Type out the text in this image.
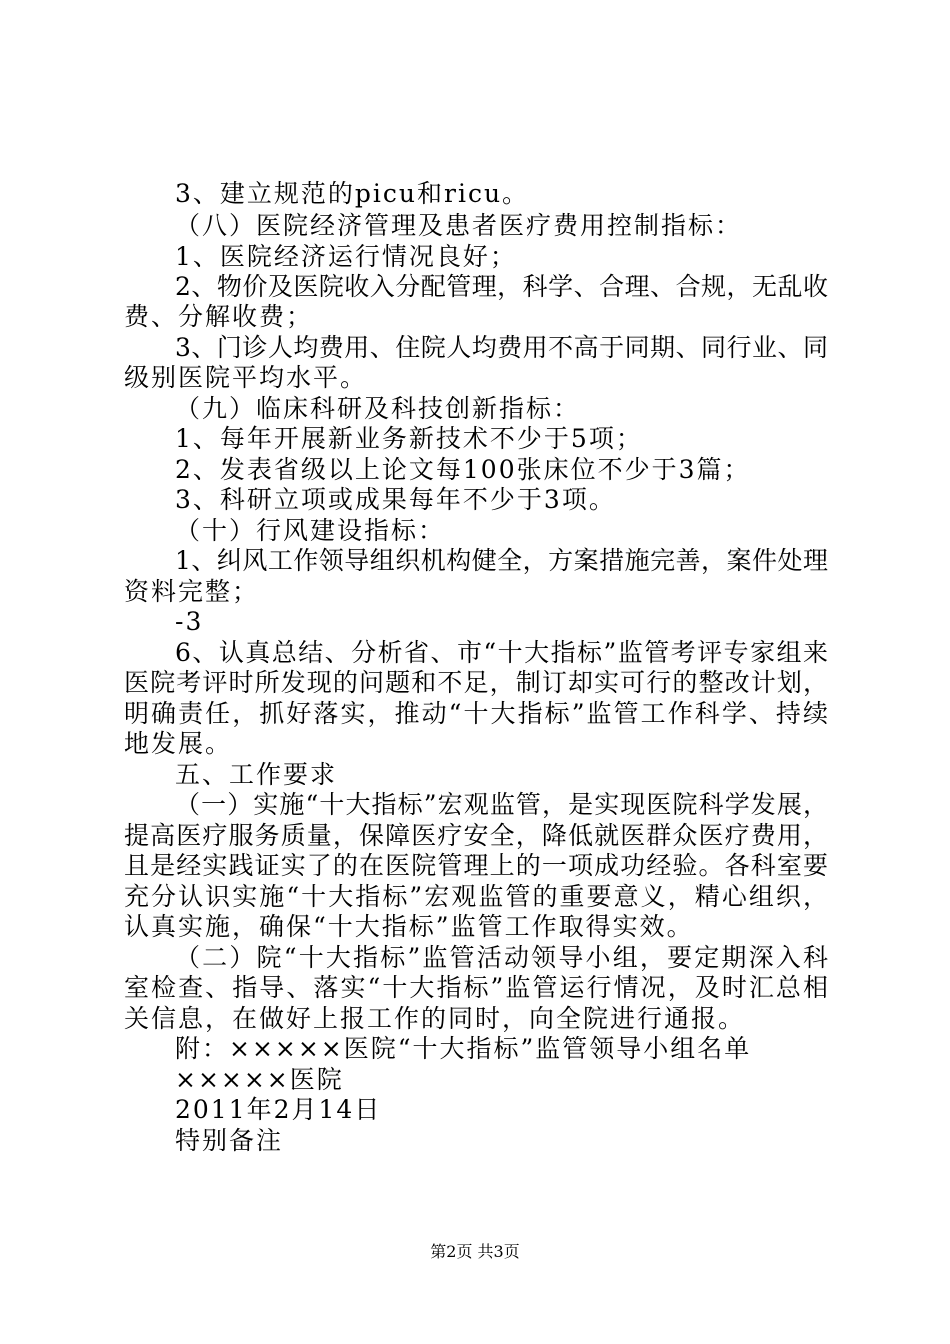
3、建立规范的picu和ricu。
（八）医院经济管理及患者医疗费用控制指标：
1、医院经济运行情况良好；
2、物价及医院收入分配管理，科学、合理、合规，无乱收
费、分解收费；
3、门诊人均费用、住院人均费用不高于同期、同行业、同
级别医院平均水平。
（九）临床科研及科技创新指标：
1、每年开展新业务新技术不少于5项；
2、发表省级以上论文每100张床位不少于3篇；
3、科研立项或成果每年不少于3项。
（十）行风建设指标：
1、纠风工作领导组织机构健全，方案措施完善，案件处理
资料完整；
-3
6、认真总结、分析省、市“十大指标”监管考评专家组来
医院考评时所发现的问题和不足，制订却实可行的整改计划，
明确责任，抓好落实，推动“十大指标”监管工作科学、持续
地发展。
五、工作要求
（一）实施“十大指标”宏观监管，是实现医院科学发展，
提高医疗服务质量，保障医疗安全，降低就医群众医疗费用，
且是经实践证实了的在医院管理上的一项成功经验。各科室要
充分认识实施“十大指标”宏观监管的重要意义，精心组织，
认真实施，确保“十大指标”监管工作取得实效。
（二）院“十大指标”监管活动领导小组，要定期深入科
室检查、指导、落实“十大指标”监管运行情况，及时汇总相
关信息，在做好上报工作的同时，向全院进行通报。
附：×××××医院“十大指标”监管领导小组名单
×××××医院
2011年2月14日
特别备注
第2页 共3页
